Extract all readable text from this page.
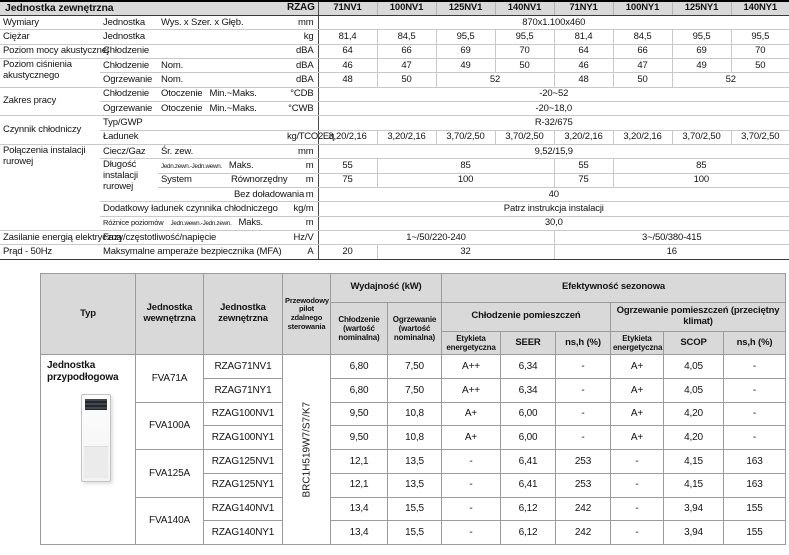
Jednostka zewnętrzna			RZAG	71NV1	100NV1	125NV1	140NV1	71NY1	100NY1	125NY1	140NY1
Wymiary	Jednostka	Wys. x Szer. x Głęb.	mm	870x1.100x460							
Ciężar	Jednostka		kg	81,4	84,5	95,5	95,5	81,4	84,5	95,5	95,5
Poziom mocy akustycznej	Chłodzenie		dBA	64	66	69	70	64	66	69	70
Poziom ciśnienia akustycznego	Chłodzenie	Nom.	dBA	46	47	49	50	46	47	49	50
	Ogrzewanie	Nom.	dBA	48	50	52		48	50	52	
Zakres pracy	Chłodzenie	Otoczenie Min.~Maks.	°CDB	-20~52							
	Ogrzewanie	Otoczenie Min.~Maks.	°CWB	-20~18,0							
Czynnik chłodniczy	Typ/GWP			R-32/675							
	Ładunek		kg/TCO2Eq	3,20/2,16	3,20/2,16	3,70/2,50	3,70/2,50	3,20/2,16	3,20/2,16	3,70/2,50	3,70/2,50
Połączenia instalacji rurowej	Ciecz/Gaz	Śr. zew.	mm	9,52/15,9							
	Długość instalacji rurowej	Jedn.zewn.-Jedn.wewn. Maks.	m	55	85			55	85		
		System Równorzędny	m	75	100			75	100		
		Bez doładowania	m	40							
	Dodatkowy ładunek czynnika chłodniczego		kg/m	Patrz instrukcja instalacji							
	Różnice poziomów Jedn.wewn.-Jedn.zewn. Maks.		m	30,0							
Zasilanie energią elektryczną	Fazy/częstotliwość/napięcie		Hz/V	1~/50/220-240				3~/50/380-415			
Prąd - 50Hz	Maksymalne amperaże bezpiecznika (MFA)		A	20	32			16			
Typ	Jednostka wewnętrzna	Jednostka zewnętrzna	Przewodowy pilot zdalnego sterowania	Wydajność (kW)		Efektywność sezonowa					
				Chłodzenie (wartość nominalna)	Ogrzewanie (wartość nominalna)	Chłodzenie pomieszczeń			Ogrzewanie pomieszczeń (przeciętny klimat)		
						Etykieta energetyczna	SEER	ns,h (%)	Etykieta energetyczna	SCOP	ns,h (%)

Jednostka przypodłogowa	FVA71A	RZAG71NV1	BRC1H519W7/S7/K7	6,80	7,50	A++	6,34	-	A+	4,05	-
		RZAG71NY1		6,80	7,50	A++	6,34	-	A+	4,05	-
	FVA100A	RZAG100NV1		9,50	10,8	A+	6,00	-	A+	4,20	-
		RZAG100NY1		9,50	10,8	A+	6,00	-	A+	4,20	-
	FVA125A	RZAG125NV1		12,1	13,5	-	6,41	253	-	4,15	163
		RZAG125NY1		12,1	13,5	-	6,41	253	-	4,15	163
	FVA140A	RZAG140NV1		13,4	15,5	-	6,12	242	-	3,94	155
		RZAG140NY1		13,4	15,5	-	6,12	242	-	3,94	155
